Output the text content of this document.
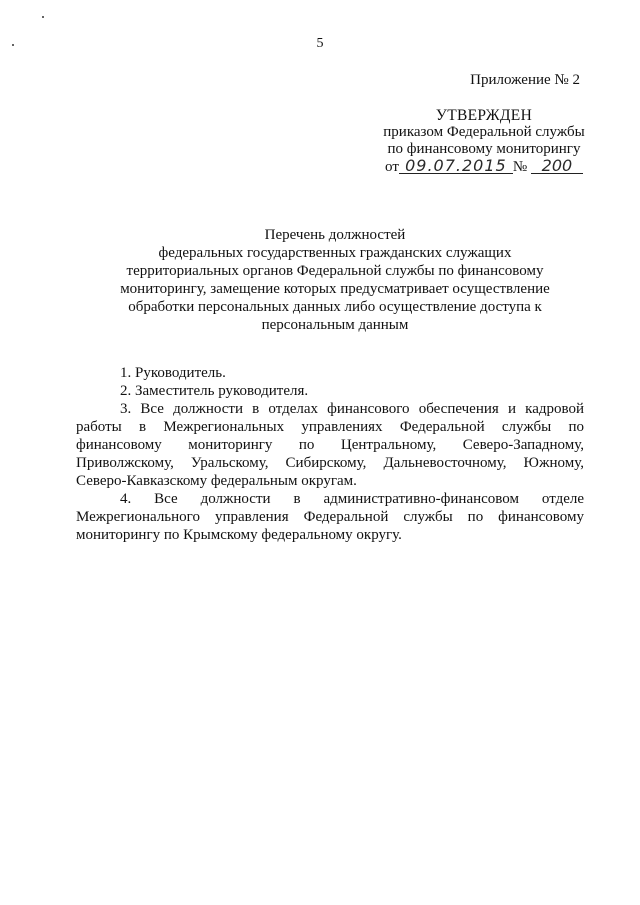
5
Приложение № 2
УТВЕРЖДЕН
приказом Федеральной службы
по финансовому мониторингу
от 09.07.2015 № 200
Перечень должностей
федеральных государственных гражданских служащих
территориальных органов Федеральной службы по финансовому
мониторингу, замещение которых предусматривает осуществление
обработки персональных данных либо осуществление доступа к
персональным данным

1. Руководитель.

2. Заместитель руководителя.

3. Все должности в отделах финансового обеспечения и кадровой работы в Межрегиональных управлениях Федеральной службы по финансовому мониторингу по Центральному, Северо-Западному, Приволжскому, Уральскому, Сибирскому, Дальневосточному, Южному, Северо-Кавказскому федеральным округам.

4. Все должности в административно-финансовом отделе Межрегионального управления Федеральной службы по финансовому мониторингу по Крымскому федеральному округу.
